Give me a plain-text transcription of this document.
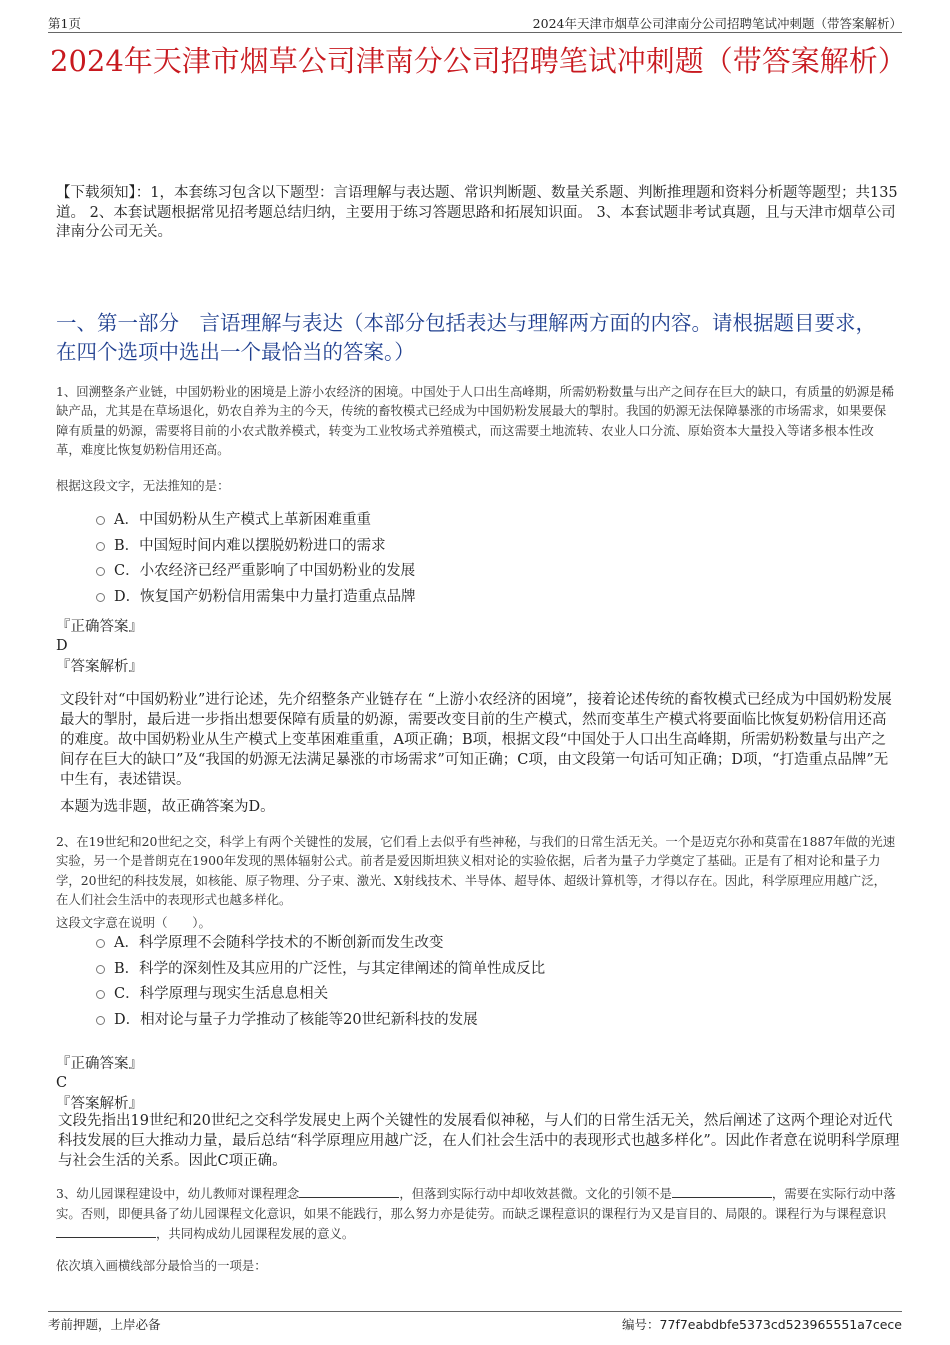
第1页	2024年天津市烟草公司津南分公司招聘笔试冲刺题（带答案解析）
2024年天津市烟草公司津南分公司招聘笔试冲刺题（带答案解析）

【下载须知】：1，本套练习包含以下题型：言语理解与表达题、常识判断题、数量关系题、判断推理题和资料分析题等题型；共135道。 2、本套试题根据常见招考题总结归纳，主要用于练习答题思路和拓展知识面。 3、本套试题非考试真题，且与天津市烟草公司津南分公司无关。

一、第一部分　言语理解与表达（本部分包括表达与理解两方面的内容。请根据题目要求，在四个选项中选出一个最恰当的答案。）

1、回溯整条产业链，中国奶粉业的困境是上游小农经济的困境。中国处于人口出生高峰期，所需奶粉数量与出产之间存在巨大的缺口，有质量的奶源是稀缺产品，尤其是在草场退化，奶农自养为主的今天，传统的畜牧模式已经成为中国奶粉发展最大的掣肘。我国的奶源无法保障暴涨的市场需求，如果要保障有质量的奶源，需要将目前的小农式散养模式，转变为工业牧场式养殖模式，而这需要土地流转、农业人口分流、原始资本大量投入等诸多根本性改革，难度比恢复奶粉信用还高。

根据这段文字，无法推知的是：

A．中国奶粉从生产模式上革新困难重重
B．中国短时间内难以摆脱奶粉进口的需求
C．小农经济已经严重影响了中国奶粉业的发展
D．恢复国产奶粉信用需集中力量打造重点品牌

『正确答案』

D

『答案解析』

文段针对“中国奶粉业”进行论述，先介绍整条产业链存在 “上游小农经济的困境”，接着论述传统的畜牧模式已经成为中国奶粉发展最大的掣肘，最后进一步指出想要保障有质量的奶源，需要改变目前的生产模式，然而变革生产模式将要面临比恢复奶粉信用还高的难度。故中国奶粉业从生产模式上变革困难重重，A项正确；B项，根据文段“中国处于人口出生高峰期，所需奶粉数量与出产之间存在巨大的缺口”及“我国的奶源无法满足暴涨的市场需求”可知正确；C项，由文段第一句话可知正确；D项，“打造重点品牌”无中生有，表述错误。

本题为选非题，故正确答案为D。

2、在19世纪和20世纪之交，科学上有两个关键性的发展，它们看上去似乎有些神秘，与我们的日常生活无关。一个是迈克尔孙和莫雷在1887年做的光速实验，另一个是普朗克在1900年发现的黑体辐射公式。前者是爱因斯坦狭义相对论的实验依据，后者为量子力学奠定了基础。正是有了相对论和量子力学，20世纪的科技发展，如核能、原子物理、分子束、激光、X射线技术、半导体、超导体、超级计算机等，才得以存在。因此，科学原理应用越广泛，在人们社会生活中的表现形式也越多样化。

这段文字意在说明（　　）。

A．科学原理不会随科学技术的不断创新而发生改变
B．科学的深刻性及其应用的广泛性，与其定律阐述的简单性成反比
C．科学原理与现实生活息息相关
D．相对论与量子力学推动了核能等20世纪新科技的发展

『正确答案』

C

『答案解析』

文段先指出19世纪和20世纪之交科学发展史上两个关键性的发展看似神秘，与人们的日常生活无关，然后阐述了这两个理论对近代科技发展的巨大推动力量，最后总结“科学原理应用越广泛，在人们社会生活中的表现形式也越多样化”。因此作者意在说明科学原理与社会生活的关系。因此C项正确。

3、幼儿园课程建设中，幼儿教师对课程理念	，但落到实际行动中却收效甚微。文化的引领不是	，需要在实际行动中落实。否则，即便具备了幼儿园课程文化意识，如果不能践行，那么努力亦是徒劳。而缺乏课程意识的课程行为又是盲目的、局限的。课程行为与课程意识，共同构成幼儿园课程发展的意义。

依次填入画横线部分最恰当的一项是：

考前押题，上岸必备	编号：77f7eabdbfe5373cd523965551a7cece
